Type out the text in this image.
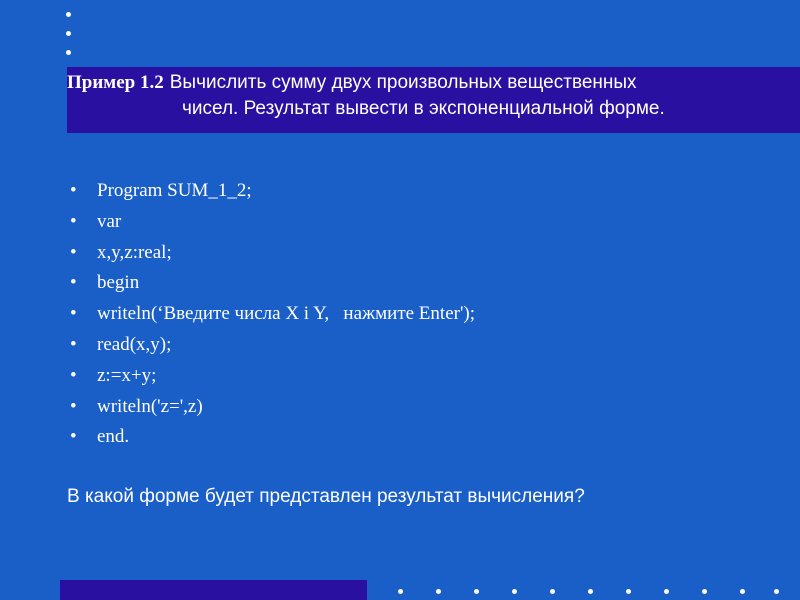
Пример 1.2 Вычислить сумму двух произвольных вещественных
чисел. Результат вывести в экспоненциальной форме.
• Program SUM_1_2;
• var
• x,y,z:real;
• begin
• writeln(‘Введите числа X i Y,   нажмите Enter');
• read(x,y);
• z:=x+y;
• writeln('z=',z)
• end.
В какой форме будет представлен результат вычисления?
